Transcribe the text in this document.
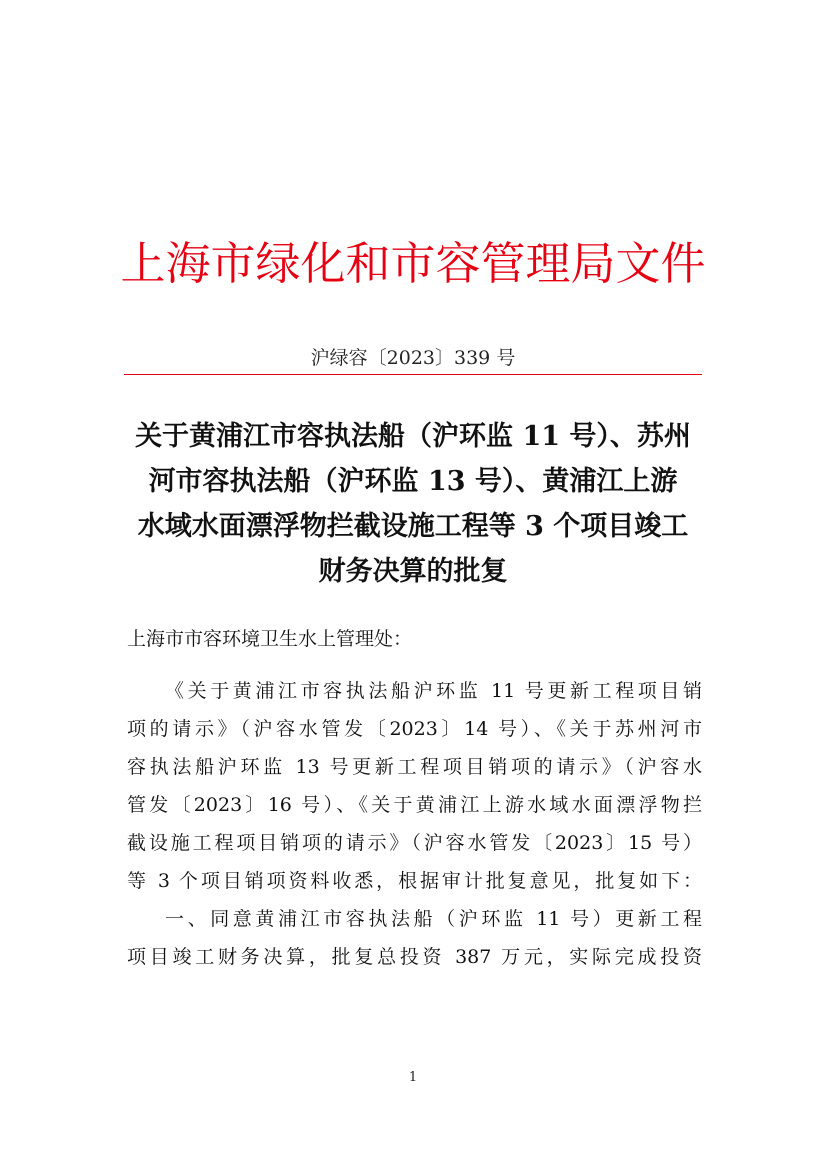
上海市绿化和市容管理局文件
沪绿容〔2023〕339 号
关于黄浦江市容执法船（沪环监 11 号）、苏州
河市容执法船（沪环监 13 号）、黄浦江上游
水域水面漂浮物拦截设施工程等 3 个项目竣工
财务决算的批复
上海市市容环境卫生水上管理处：
《关于黄浦江市容执法船沪环监 11 号更新工程项目销
项的请示》（沪容水管发〔2023〕14 号）、《关于苏州河市
容执法船沪环监 13 号更新工程项目销项的请示》（沪容水
管发〔2023〕16 号）、《关于黄浦江上游水域水面漂浮物拦
截设施工程项目销项的请示》（沪容水管发〔2023〕15 号）
等 3 个项目销项资料收悉，根据审计批复意见，批复如下：
一、同意黄浦江市容执法船（沪环监 11 号）更新工程
项目竣工财务决算，批复总投资 387 万元，实际完成投资
1
